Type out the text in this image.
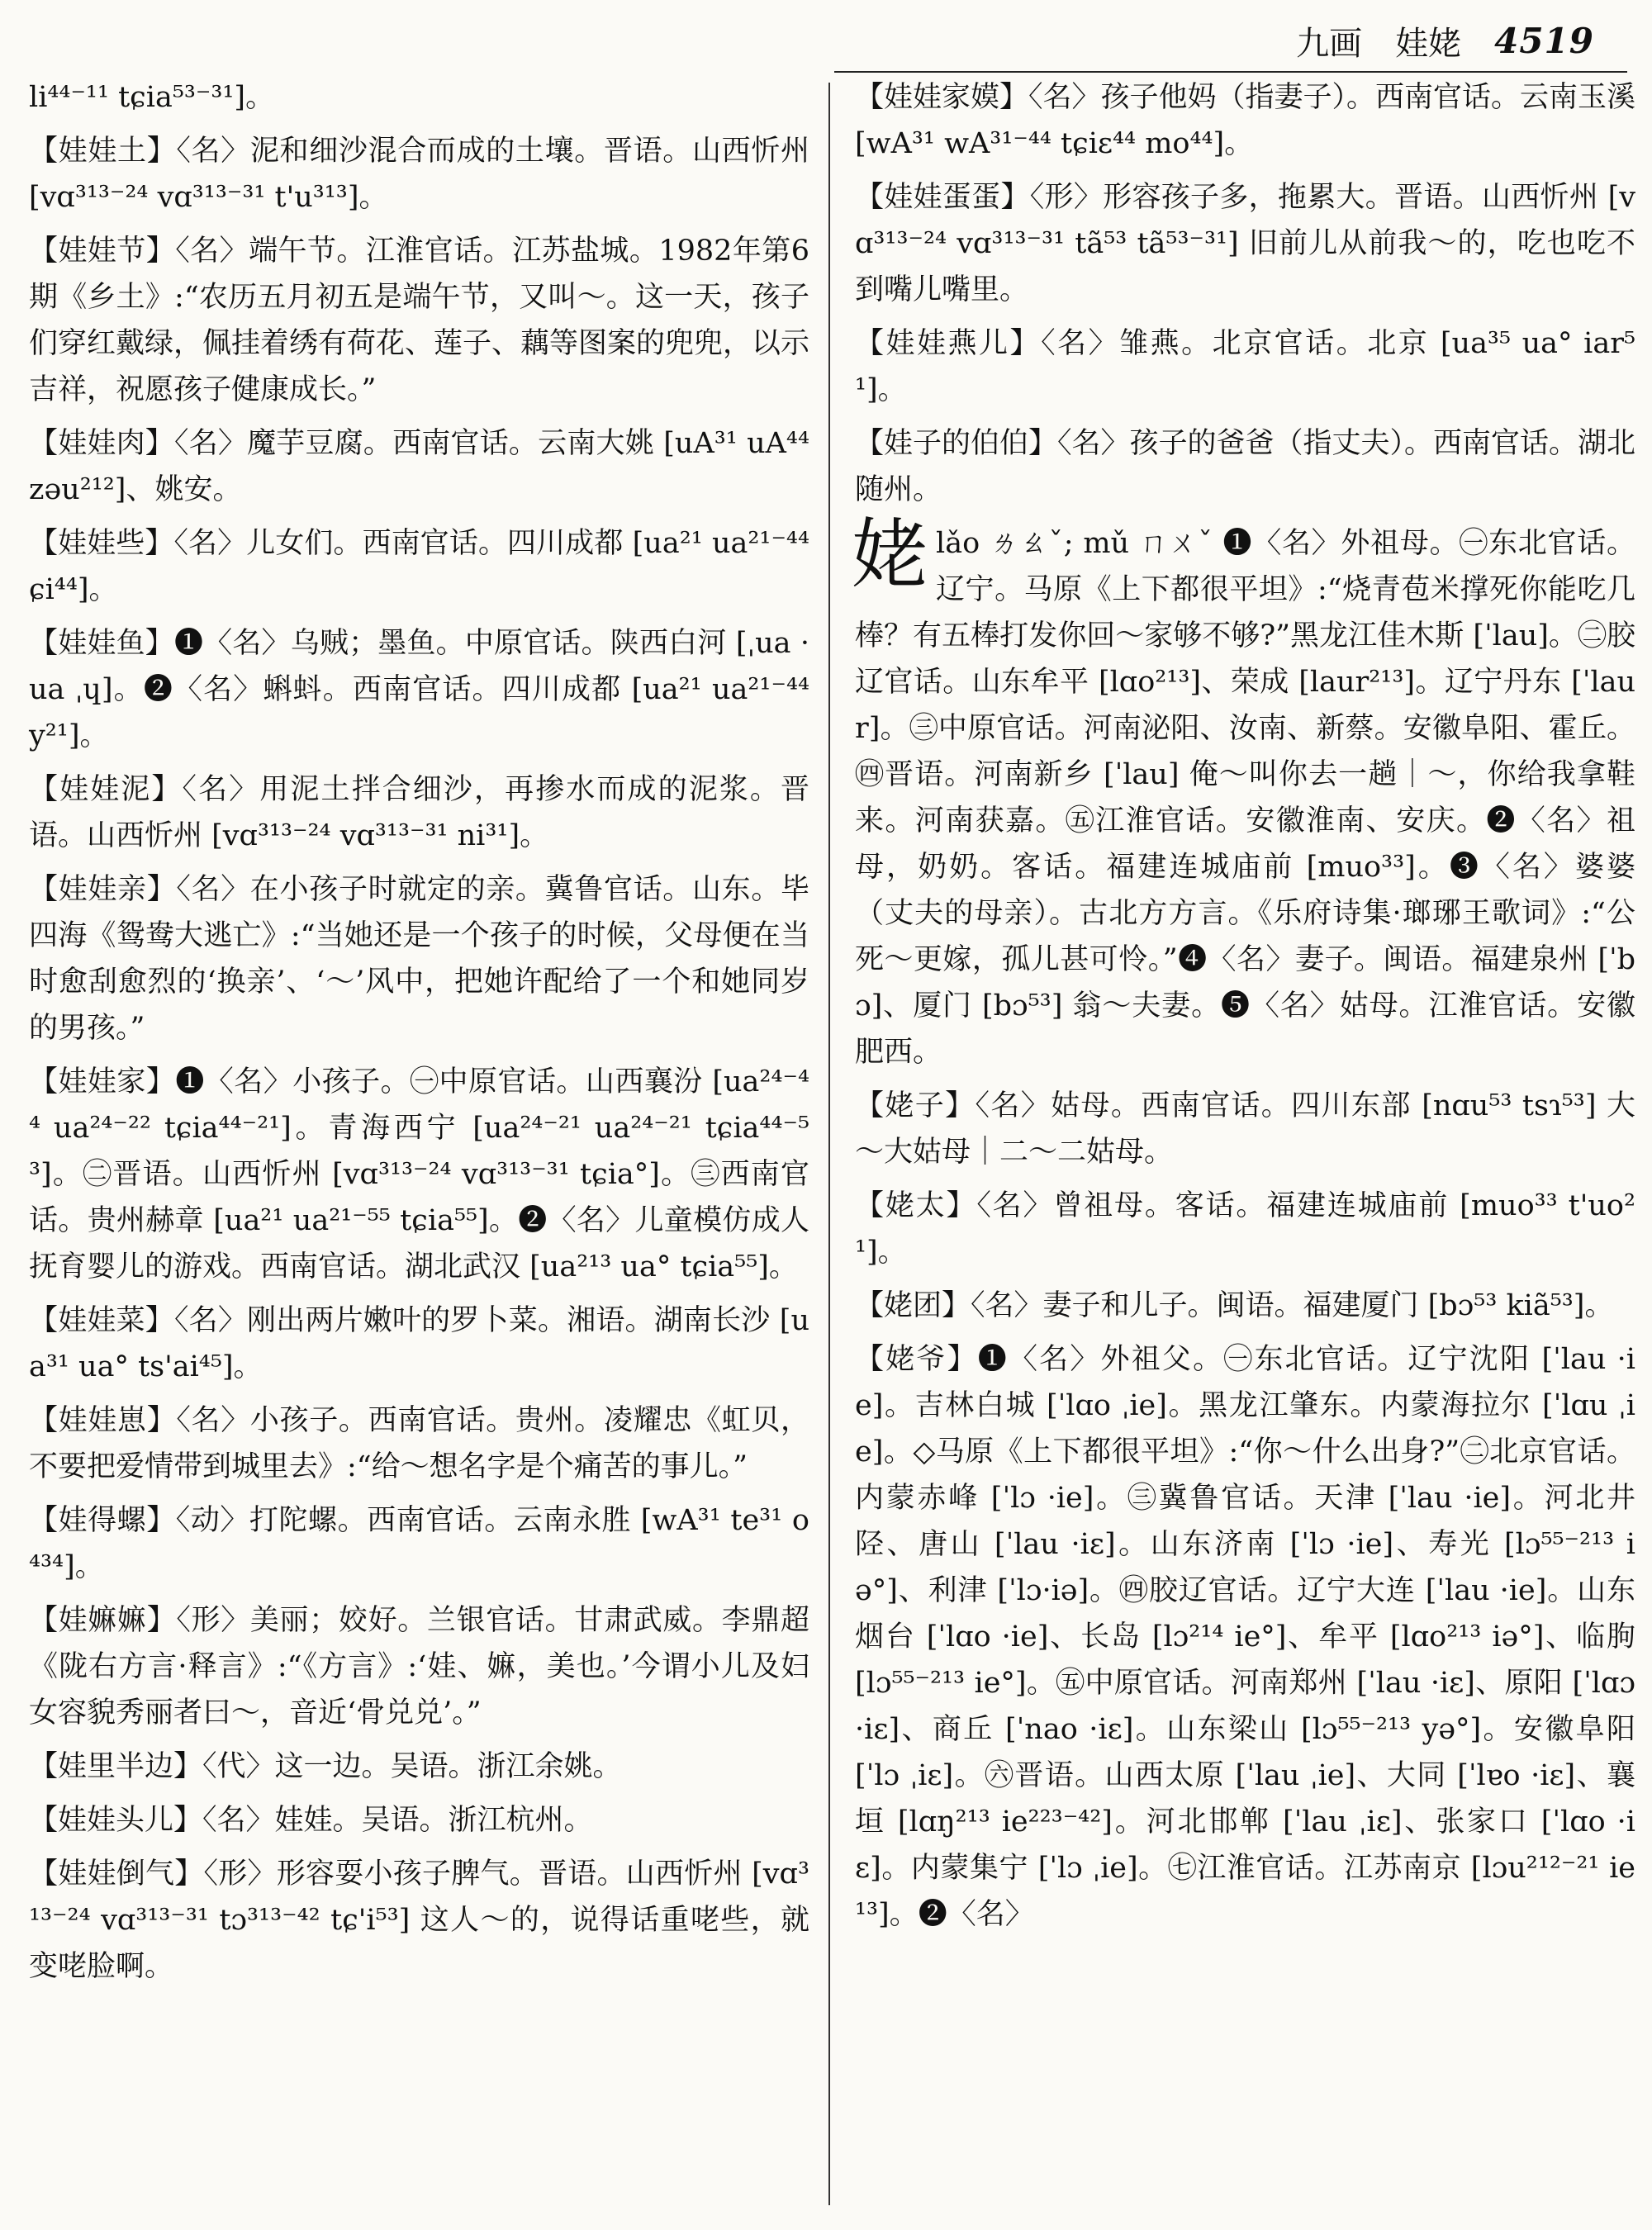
九画 娃姥 4519

li⁴⁴⁻¹¹ tɕia⁵³⁻³¹]。

【娃娃土】〈名〉泥和细沙混合而成的土壤。晋语。山西忻州 [vɑ³¹³⁻²⁴ vɑ³¹³⁻³¹ t'u³¹³]。

【娃娃节】〈名〉端午节。江淮官话。江苏盐城。1982年第6期《乡土》:“农历五月初五是端午节，又叫～。这一天，孩子们穿红戴绿，佩挂着绣有荷花、莲子、藕等图案的兜兜，以示吉祥，祝愿孩子健康成长。”

【娃娃肉】〈名〉魔芋豆腐。西南官话。云南大姚 [uA³¹ uA⁴⁴ zəu²¹²]、姚安。

【娃娃些】〈名〉儿女们。西南官话。四川成都 [ua²¹ ua²¹⁻⁴⁴ ɕi⁴⁴]。

【娃娃鱼】❶〈名〉乌贼；墨鱼。中原官话。陕西白河 [ˌua ·ua ˌɥ]。❷〈名〉蝌蚪。西南官话。四川成都 [ua²¹ ua²¹⁻⁴⁴ y²¹]。

【娃娃泥】〈名〉用泥土拌合细沙，再掺水而成的泥浆。晋语。山西忻州 [vɑ³¹³⁻²⁴ vɑ³¹³⁻³¹ ni³¹]。

【娃娃亲】〈名〉在小孩子时就定的亲。冀鲁官话。山东。毕四海《鸳鸯大逃亡》:“当她还是一个孩子的时候，父母便在当时愈刮愈烈的‘换亲’、‘～’风中，把她许配给了一个和她同岁的男孩。”

【娃娃家】❶〈名〉小孩子。㊀中原官话。山西襄汾 [ua²⁴⁻⁴⁴ ua²⁴⁻²² tɕia⁴⁴⁻²¹]。青海西宁 [ua²⁴⁻²¹ ua²⁴⁻²¹ tɕia⁴⁴⁻⁵³]。㊁晋语。山西忻州 [vɑ³¹³⁻²⁴ vɑ³¹³⁻³¹ tɕia°]。㊂西南官话。贵州赫章 [ua²¹ ua²¹⁻⁵⁵ tɕia⁵⁵]。❷〈名〉儿童模仿成人抚育婴儿的游戏。西南官话。湖北武汉 [ua²¹³ ua° tɕia⁵⁵]。

【娃娃菜】〈名〉刚出两片嫩叶的罗卜菜。湘语。湖南长沙 [ua³¹ ua° ts'ai⁴⁵]。

【娃娃崽】〈名〉小孩子。西南官话。贵州。凌耀忠《虹贝，不要把爱情带到城里去》:“给～想名字是个痛苦的事儿。”

【娃得螺】〈动〉打陀螺。西南官话。云南永胜 [wA³¹ te³¹ o⁴³⁴]。

【娃嫲嫲】〈形〉美丽；姣好。兰银官话。甘肃武威。李鼎超《陇右方言·释言》:“《方言》:‘娃、嫲，美也。’今谓小儿及妇女容貌秀丽者曰～，音近‘骨兑兑’。”

【娃里半边】〈代〉这一边。吴语。浙江余姚。

【娃娃头儿】〈名〉娃娃。吴语。浙江杭州。

【娃娃倒气】〈形〉形容耍小孩子脾气。晋语。山西忻州 [vɑ³¹³⁻²⁴ vɑ³¹³⁻³¹ tɔ³¹³⁻⁴² tɕ'i⁵³] 这人～的，说得话重咾些，就变咾脸啊。

【娃娃家嫫】〈名〉孩子他妈（指妻子）。西南官话。云南玉溪 [wA³¹ wA³¹⁻⁴⁴ tɕiɛ⁴⁴ mo⁴⁴]。

【娃娃蛋蛋】〈形〉形容孩子多，拖累大。晋语。山西忻州 [vɑ³¹³⁻²⁴ vɑ³¹³⁻³¹ tã⁵³ tã⁵³⁻³¹] 旧前儿从前我～的，吃也吃不到嘴儿嘴里。

【娃娃燕儿】〈名〉雏燕。北京官话。北京 [ua³⁵ ua° iar⁵¹]。

【娃子的伯伯】〈名〉孩子的爸爸（指丈夫）。西南官话。湖北随州。

姥lǎo ㄌㄠˇ; mǔ ㄇㄨˇ ❶〈名〉外祖母。㊀东北官话。辽宁。马原《上下都很平坦》:“烧青苞米撑死你能吃几棒？有五棒打发你回～家够不够?”黑龙江佳木斯 [ˈlau]。㊁胶辽官话。山东牟平 [lɑo²¹³]、荣成 [laur²¹³]。辽宁丹东 [ˈlaur]。㊂中原官话。河南泌阳、汝南、新蔡。安徽阜阳、霍丘。㊃晋语。河南新乡 [ˈlau] 俺～叫你去一趟｜～，你给我拿鞋来。河南获嘉。㊄江淮官话。安徽淮南、安庆。❷〈名〉祖母，奶奶。客话。福建连城庙前 [muo³³]。❸〈名〉婆婆（丈夫的母亲）。古北方方言。《乐府诗集·瑯琊王歌词》:“公死～更嫁，孤儿甚可怜。”❹〈名〉妻子。闽语。福建泉州 [ˈbɔ]、厦门 [bɔ⁵³] 翁～夫妻。❺〈名〉姑母。江淮官话。安徽肥西。

【姥子】〈名〉姑母。西南官话。四川东部 [nɑu⁵³ tsɿ⁵³] 大～大姑母｜二～二姑母。

【姥太】〈名〉曾祖母。客话。福建连城庙前 [muo³³ t'uo²¹]。

【姥团】〈名〉妻子和儿子。闽语。福建厦门 [bɔ⁵³ kiã⁵³]。

【姥爷】❶〈名〉外祖父。㊀东北官话。辽宁沈阳 [ˈlau ·ie]。吉林白城 [ˈlɑo ˌie]。黑龙江肇东。内蒙海拉尔 [ˈlɑu ˌie]。◇马原《上下都很平坦》:“你～什么出身?”㊁北京官话。内蒙赤峰 [ˈlɔ ·ie]。㊂冀鲁官话。天津 [ˈlau ·ie]。河北井陉、唐山 [ˈlau ·iɛ]。山东济南 [ˈlɔ ·ie]、寿光 [lɔ⁵⁵⁻²¹³ iə°]、利津 [ˈlɔ·iə]。㊃胶辽官话。辽宁大连 [ˈlau ·ie]。山东烟台 [ˈlɑo ·ie]、长岛 [lɔ²¹⁴ ie°]、牟平 [lɑo²¹³ iə°]、临朐 [lɔ⁵⁵⁻²¹³ ie°]。㊄中原官话。河南郑州 [ˈlau ·iɛ]、原阳 [ˈlɑɔ ·iɛ]、商丘 [ˈnao ·iɛ]。山东梁山 [lɔ⁵⁵⁻²¹³ yə°]。安徽阜阳 [ˈlɔ ˌiɛ]。㊅晋语。山西太原 [ˈlau ˌie]、大同 [ˈlɐo ·iɛ]、襄垣 [lɑŋ²¹³ ie²²³⁻⁴²]。河北邯郸 [ˈlau ˌiɛ]、张家口 [ˈlɑo ·iɛ]。内蒙集宁 [ˈlɔ ˌie]。㊆江淮官话。江苏南京 [lɔu²¹²⁻²¹ ie¹³]。❷〈名〉
